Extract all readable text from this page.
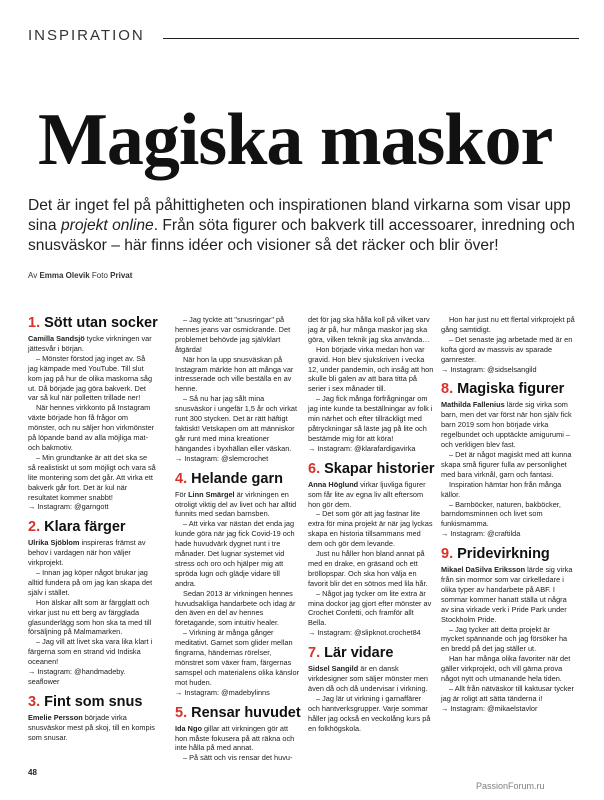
INSPIRATION
Magiska maskor
Det är inget fel på påhittigheten och inspirationen bland virkarna som visar upp sina projekt online. Från söta figurer och bakverk till accessoarer, inredning och snusväskor – här finns idéer och visioner så det räcker och blir över!
Av Emma Olevik Foto Privat
1. Sött utan socker

Camilla Sandsjö tycke virkningen var jättesvår i början.

– Mönster förstod jag inget av. Så jag kämpade med YouTube. Till slut kom jag på hur de olika maskorna såg ut. Då började jag göra bakverk. Det var så kul när polletten trillade ner!

När hennes virkkonto på Instagram växte började hon få frågor om mönster, och nu säljer hon virkmönster på löpande band av alla möjliga mat- och bakmotiv.

– Min grundtanke är att det ska se så realistiskt ut som möjligt och vara så lite montering som det går. Att virka ett bakverk går fort. Det är kul när resultatet kommer snabbt!

→ Instagram: @garngott

2. Klara färger

Ulrika Sjöblom inspireras främst av behov i vardagen när hon väljer virkprojekt.

– Innan jag köper något brukar jag alltid fundera på om jag kan skapa det själv i stället.

Hon älskar allt som är färgglatt och virkar just nu ett berg av färgglada glasunderlägg som hon ska ta med till försäljning på Malmamarken.

– Jag vill att livet ska vara lika klart i färgerna som en strand vid Indiska oceanen!

→ Instagram: @handmadeby. seaflower

3. Fint som snus

Emelie Persson började virka snusväskor mest på skoj, till en kompis som snusar.

– Jag tyckte att "snusringar" på hennes jeans var osmickrande. Det problemet behövde jag självklart åtgärda!

När hon la upp snusväskan på Instagram märkte hon att många var intresserade och ville beställa en av henne.

– Så nu har jag sålt mina snusväskor i ungefär 1,5 år och virkat runt 300 stycken. Det är rätt häftigt faktiskt! Vetskapen om att människor går runt med mina kreationer hängandes i byxhällan eller väskan.

→ Instagram: @slemcrochet

4. Helande garn

För Linn Smärgel är virkningen en otroligt viktig del av livet och har alltid funnits med sedan barnsben.

– Att virka var nästan det enda jag kunde göra när jag fick Covid-19 och hade huvudvärk dygnet runt i tre månader. Det lugnar systemet vid stress och oro och hjälper mig att spröda lugn och glädje vidare till andra.

Sedan 2013 är virkningen hennes huvudsakliga handarbete och idag är den även en del av hennes företagande, som intuitiv healer.

– Virkning är många gånger meditativt. Garnet som glider mellan fingrarna, händernas rörelser, mönstret som växer fram, färgernas samspel och materialens olika känslor mot huden.

→ Instagram: @madebylinns

5. Rensar huvudet

Ida Ngo gillar att virkningen gör att hon måste fokusera på att räkna och inte hålla på med annat.

– På sätt och vis rensar det huvu-

det för jag ska hålla koll på vilket varv jag är på, hur många maskor jag ska göra, vilken teknik jag ska använda…

Hon började virka medan hon var gravid. Hon blev sjukskriven i vecka 12, under pandemin, och insåg att hon skulle bli galen av att bara titta på serier i sex månader till.

– Jag fick många förfrågningar om jag inte kunde ta beställningar av folk i min närhet och efter tillräckligt med påtryckningar så läste jag på lite och bestämde mig för att köra!

→ Instagram: @klarafardigavirka

6. Skapar historier

Anna Höglund virkar ljuvliga figurer som får lite av egna liv allt eftersom hon gör dem.

– Det som gör att jag fastnar lite extra för mina projekt är när jag lyckas skapa en historia tillsammans med dem och gör dem levande.

Just nu håller hon bland annat på med en drake, en gräsand och ett bröllopspar. Och ska hon välja en favorit blir det en sötnos med lila hår.

– Något jag tycker om lite extra är mina dockor jag gjort efter mönster av Crochet Confetti, och framför allt Bella.

→ Instagram: @slipknot.crochet84

7. Lär vidare

Sidsel Sangild är en dansk virkdesigner som säljer mönster men även då och då undervisar i virkning.

– Jag lär ut virkning i garnaffärer och hantverksgrupper. Varje sommar håller jag också en veckolång kurs på en folkhögskola.

Hon har just nu ett flertal virkprojekt på gång samtidigt.

– Det senaste jag arbetade med är en kofta gjord av massvis av sparade garnrester.

→ Instagram: @sidselsangild

8. Magiska figurer

Mathilda Fallenius lärde sig virka som barn, men det var först när hon själv fick barn 2019 som hon började virka regelbundet och upptäckte amigurumi – och verkligen blev fast.

– Det är något magiskt med att kunna skapa små figurer fulla av personlighet med bara virknål, garn och fantasi.

Inspiration hämtar hon från många källor.

– Barnböcker, naturen, bakböcker, barndomsminnen och livet som funkismamma.

→ Instagram: @craftilda

9. Pridevirkning

Mikael DaSilva Eriksson lärde sig virka från sin mormor som var cirkelledare i olika typer av handarbete på ABF. I sommar kommer hanatt ställa ut några av sina virkade verk i Pride Park under Stockholm Pride.

– Jag tycker att detta projekt är mycket spännande och jag försöker ha en bredd på det jag ställer ut.

Han har många olika favoriter när det gäller virkprojekt, och vill gärna prova något nytt och utmanande hela tiden.

– Allt från nätväskor till kaktusar tycker jag är roligt att sätta tänderna i!

→ Instagram: @mikaelstavlor

48
PassionForum.ru
